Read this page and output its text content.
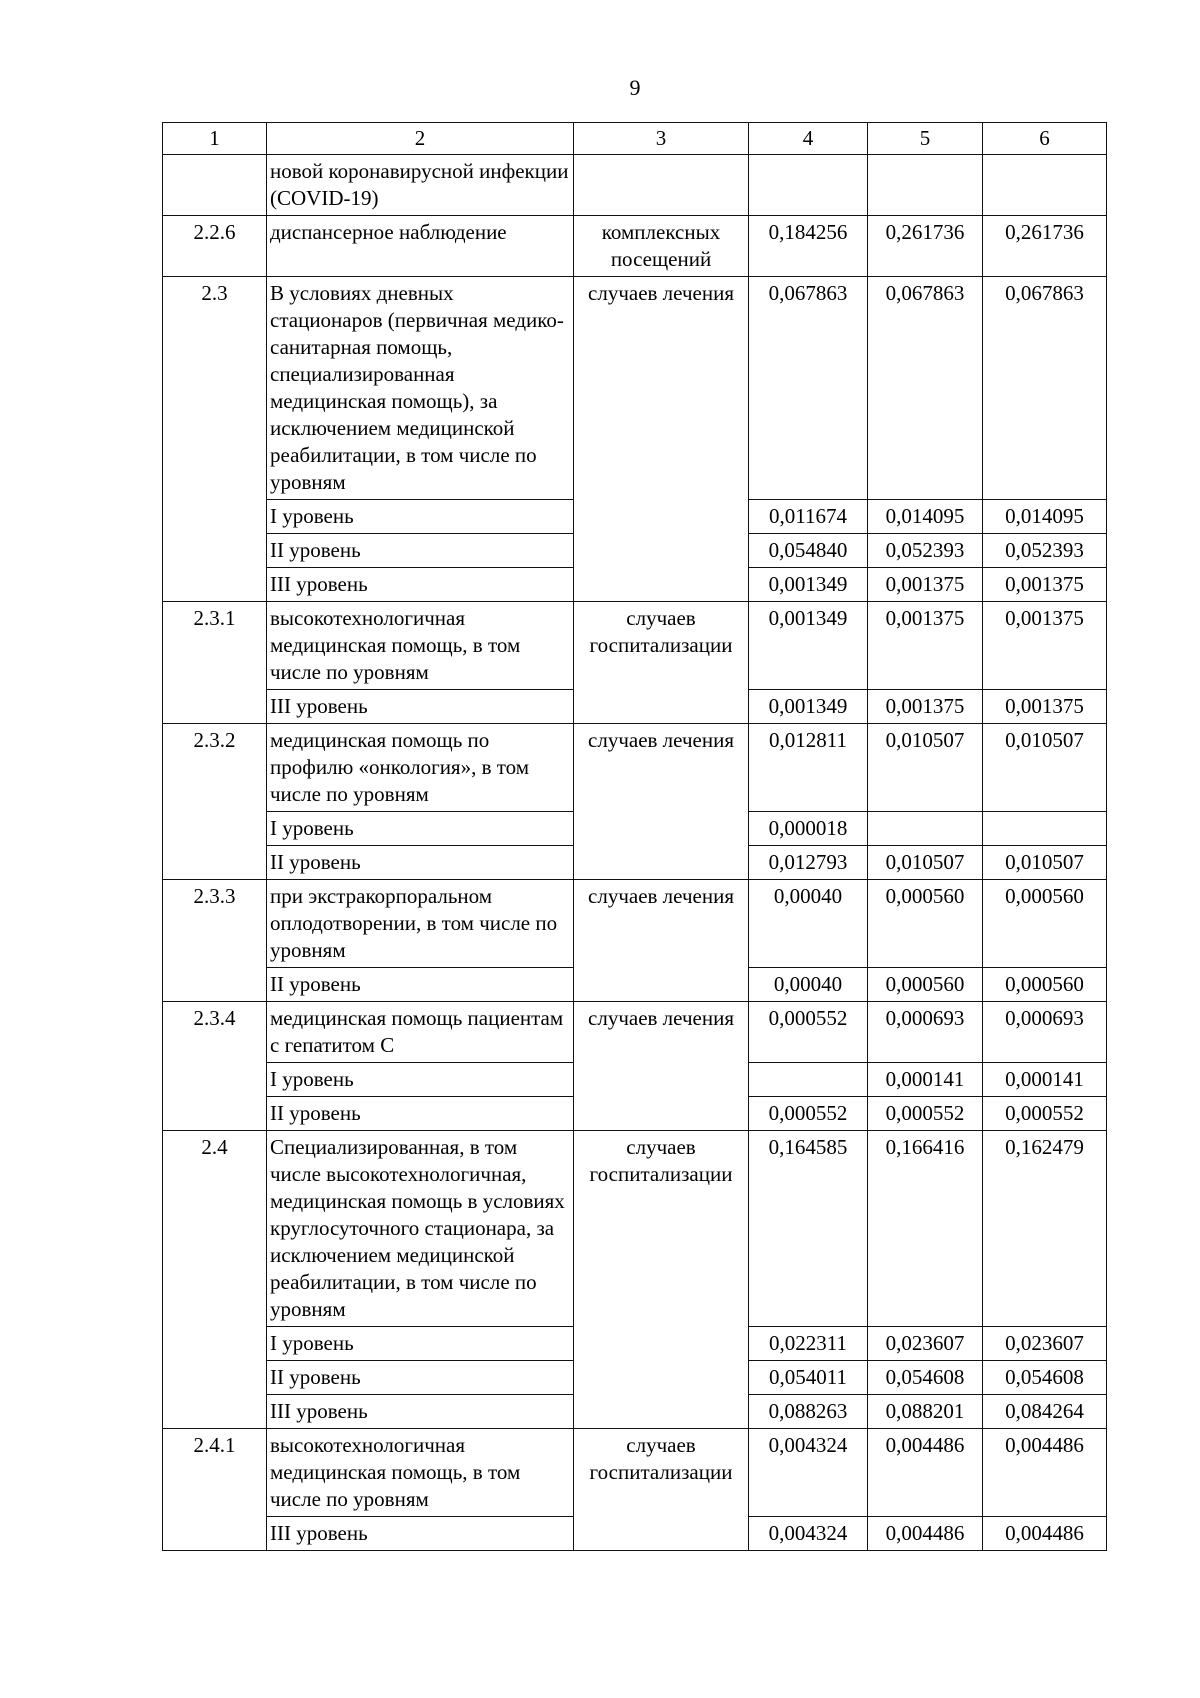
9
1	2	3	4	5	6
	новой коронавирусной инфекции (COVID-19)				
2.2.6	диспансерное наблюдение	комплексных посещений	0,184256	0,261736	0,261736
2.3	В условиях дневных стационаров (первичная медико-санитарная помощь, специализированная медицинская помощь), за исключением медицинской реабилитации, в том числе по уровням	случаев лечения	0,067863	0,067863	0,067863
	I уровень		0,011674	0,014095	0,014095
	II уровень		0,054840	0,052393	0,052393
	III уровень		0,001349	0,001375	0,001375
2.3.1	высокотехнологичная медицинская помощь, в том числе по уровням	случаев госпитализации	0,001349	0,001375	0,001375
	III уровень		0,001349	0,001375	0,001375
2.3.2	медицинская помощь по профилю «онкология», в том числе по уровням	случаев лечения	0,012811	0,010507	0,010507
	I уровень		0,000018		
	II уровень		0,012793	0,010507	0,010507
2.3.3	при экстракорпоральном оплодотворении, в том числе по уровням	случаев лечения	0,00040	0,000560	0,000560
	II уровень		0,00040	0,000560	0,000560
2.3.4	медицинская помощь пациентам с гепатитом С	случаев лечения	0,000552	0,000693	0,000693
	I уровень			0,000141	0,000141
	II уровень		0,000552	0,000552	0,000552
2.4	Специализированная, в том числе высокотехнологичная, медицинская помощь в условиях круглосуточного стационара, за исключением медицинской реабилитации, в том числе по уровням	случаев госпитализации	0,164585	0,166416	0,162479
	I уровень		0,022311	0,023607	0,023607
	II уровень		0,054011	0,054608	0,054608
	III уровень		0,088263	0,088201	0,084264
2.4.1	высокотехнологичная медицинская помощь, в том числе по уровням	случаев госпитализации	0,004324	0,004486	0,004486
	III уровень		0,004324	0,004486	0,004486
